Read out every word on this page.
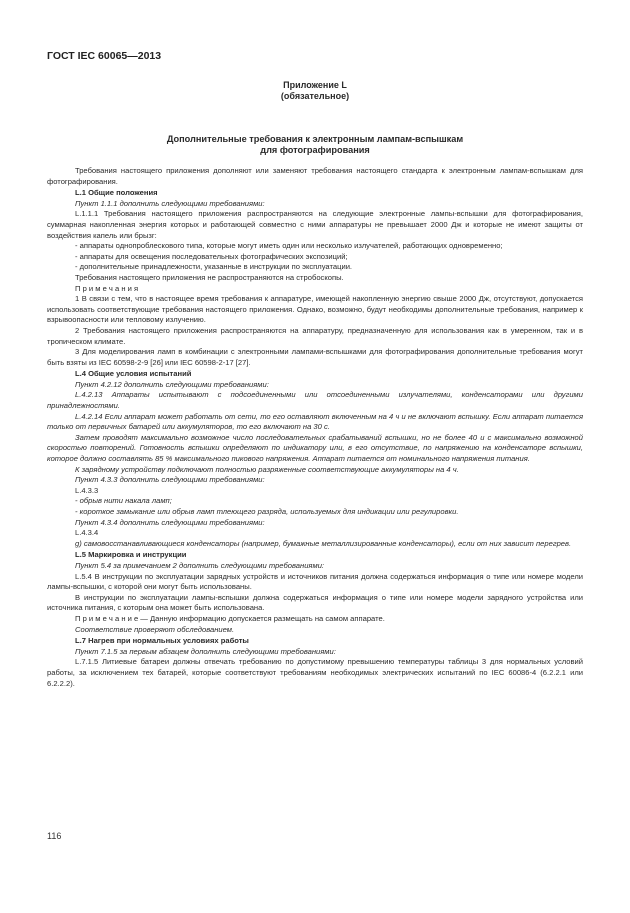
ГОСТ IEC 60065—2013
Приложение L
(обязательное)
Дополнительные требования к электронным лампам-вспышкам
для фотографирования

Требования настоящего приложения дополняют или заменяют требования настоящего стандарта к электронным лампам-вспышкам для фотографирования.

L.1 Общие положения

Пункт 1.1.1 дополнить следующими требованиями:

L.1.1.1 Требования настоящего приложения распространяются на следующие электронные лампы-вспышки для фотографирования, суммарная накопленная энергия которых и работающей совместно с ними аппаратуры не превышает 2000 Дж и которые не имеют защиты от воздействия капель или брызг:

- аппараты однопроблескового типа, которые могут иметь один или несколько излучателей, работающих одновременно;

- аппараты для освещения последовательных фотографических экспозиций;

- дополнительные принадлежности, указанные в инструкции по эксплуатации.

Требования настоящего приложения не распространяются на стробоскопы.

П р и м е ч а н и я

1 В связи с тем, что в настоящее время требования к аппаратуре, имеющей накопленную энергию свыше 2000 Дж, отсутствуют, допускается использовать соответствующие требования настоящего приложения. Однако, возможно, будут необходимы дополнительные требования, например к взрывоопасности или тепловому излучению.

2 Требования настоящего приложения распространяются на аппаратуру, предназначенную для использования как в умеренном, так и в тропическом климате.

3 Для моделирования ламп в комбинации с электронными лампами-вспышками для фотографирования дополнительные требования могут быть взяты из IEC 60598-2-9 [26] или IEC 60598-2-17 [27].

L.4 Общие условия испытаний

Пункт 4.2.12 дополнить следующими требованиями:

L.4.2.13 Аппараты испытывают с подсоединенными или отсоединенными излучателями, конденсаторами или другими принадлежностями.

L.4.2.14 Если аппарат может работать от сети, то его оставляют включенным на 4 ч и не включают вспышку. Если аппарат питается только от первичных батарей или аккумуляторов, то его включают на 30 с.

Затем проводят максимально возможное число последовательных срабатываний вспышки, но не более 40 и с максимально возможной скоростью повторений. Готовность вспышки определяют по индикатору или, в его отсутствие, по напряжению на конденсаторе вспышки, которое должно составлять 85 % максимального пикового напряжения. Аппарат питается от номинального напряжения питания.

К зарядному устройству подключают полностью разряженные соответствующие аккумуляторы на 4 ч.

Пункт 4.3.3 дополнить следующими требованиями:

L.4.3.3

- обрыв нити накала ламп;

- короткое замыкание или обрыв ламп тлеющего разряда, используемых для индикации или регулировки.

Пункт 4.3.4 дополнить следующими требованиями:

L.4.3.4

g) самовосстанавливающиеся конденсаторы (например, бумажные металлизированные конденсаторы), если от них зависит перегрев.

L.5 Маркировка и инструкции

Пункт 5.4 за примечанием 2 дополнить следующими требованиями:

L.5.4 В инструкции по эксплуатации зарядных устройств и источников питания должна содержаться информация о типе или номере модели лампы-вспышки, с которой они могут быть использованы.

В инструкции по эксплуатации лампы-вспышки должна содержаться информация о типе или номере модели зарядного устройства или источника питания, с которым она может быть использована.

П р и м е ч а н и е — Данную информацию допускается размещать на самом аппарате.

Соответствие проверяют обследованием.

L.7 Нагрев при нормальных условиях работы

Пункт 7.1.5 за первым абзацем дополнить следующими требованиями:

L.7.1.5 Литиевые батареи должны отвечать требованию по допустимому превышению температуры таблицы 3 для нормальных условий работы, за исключением тех батарей, которые соответствуют требованиям необходимых электрических испытаний по IEC 60086-4 (6.2.2.1 или 6.2.2.2).

116
